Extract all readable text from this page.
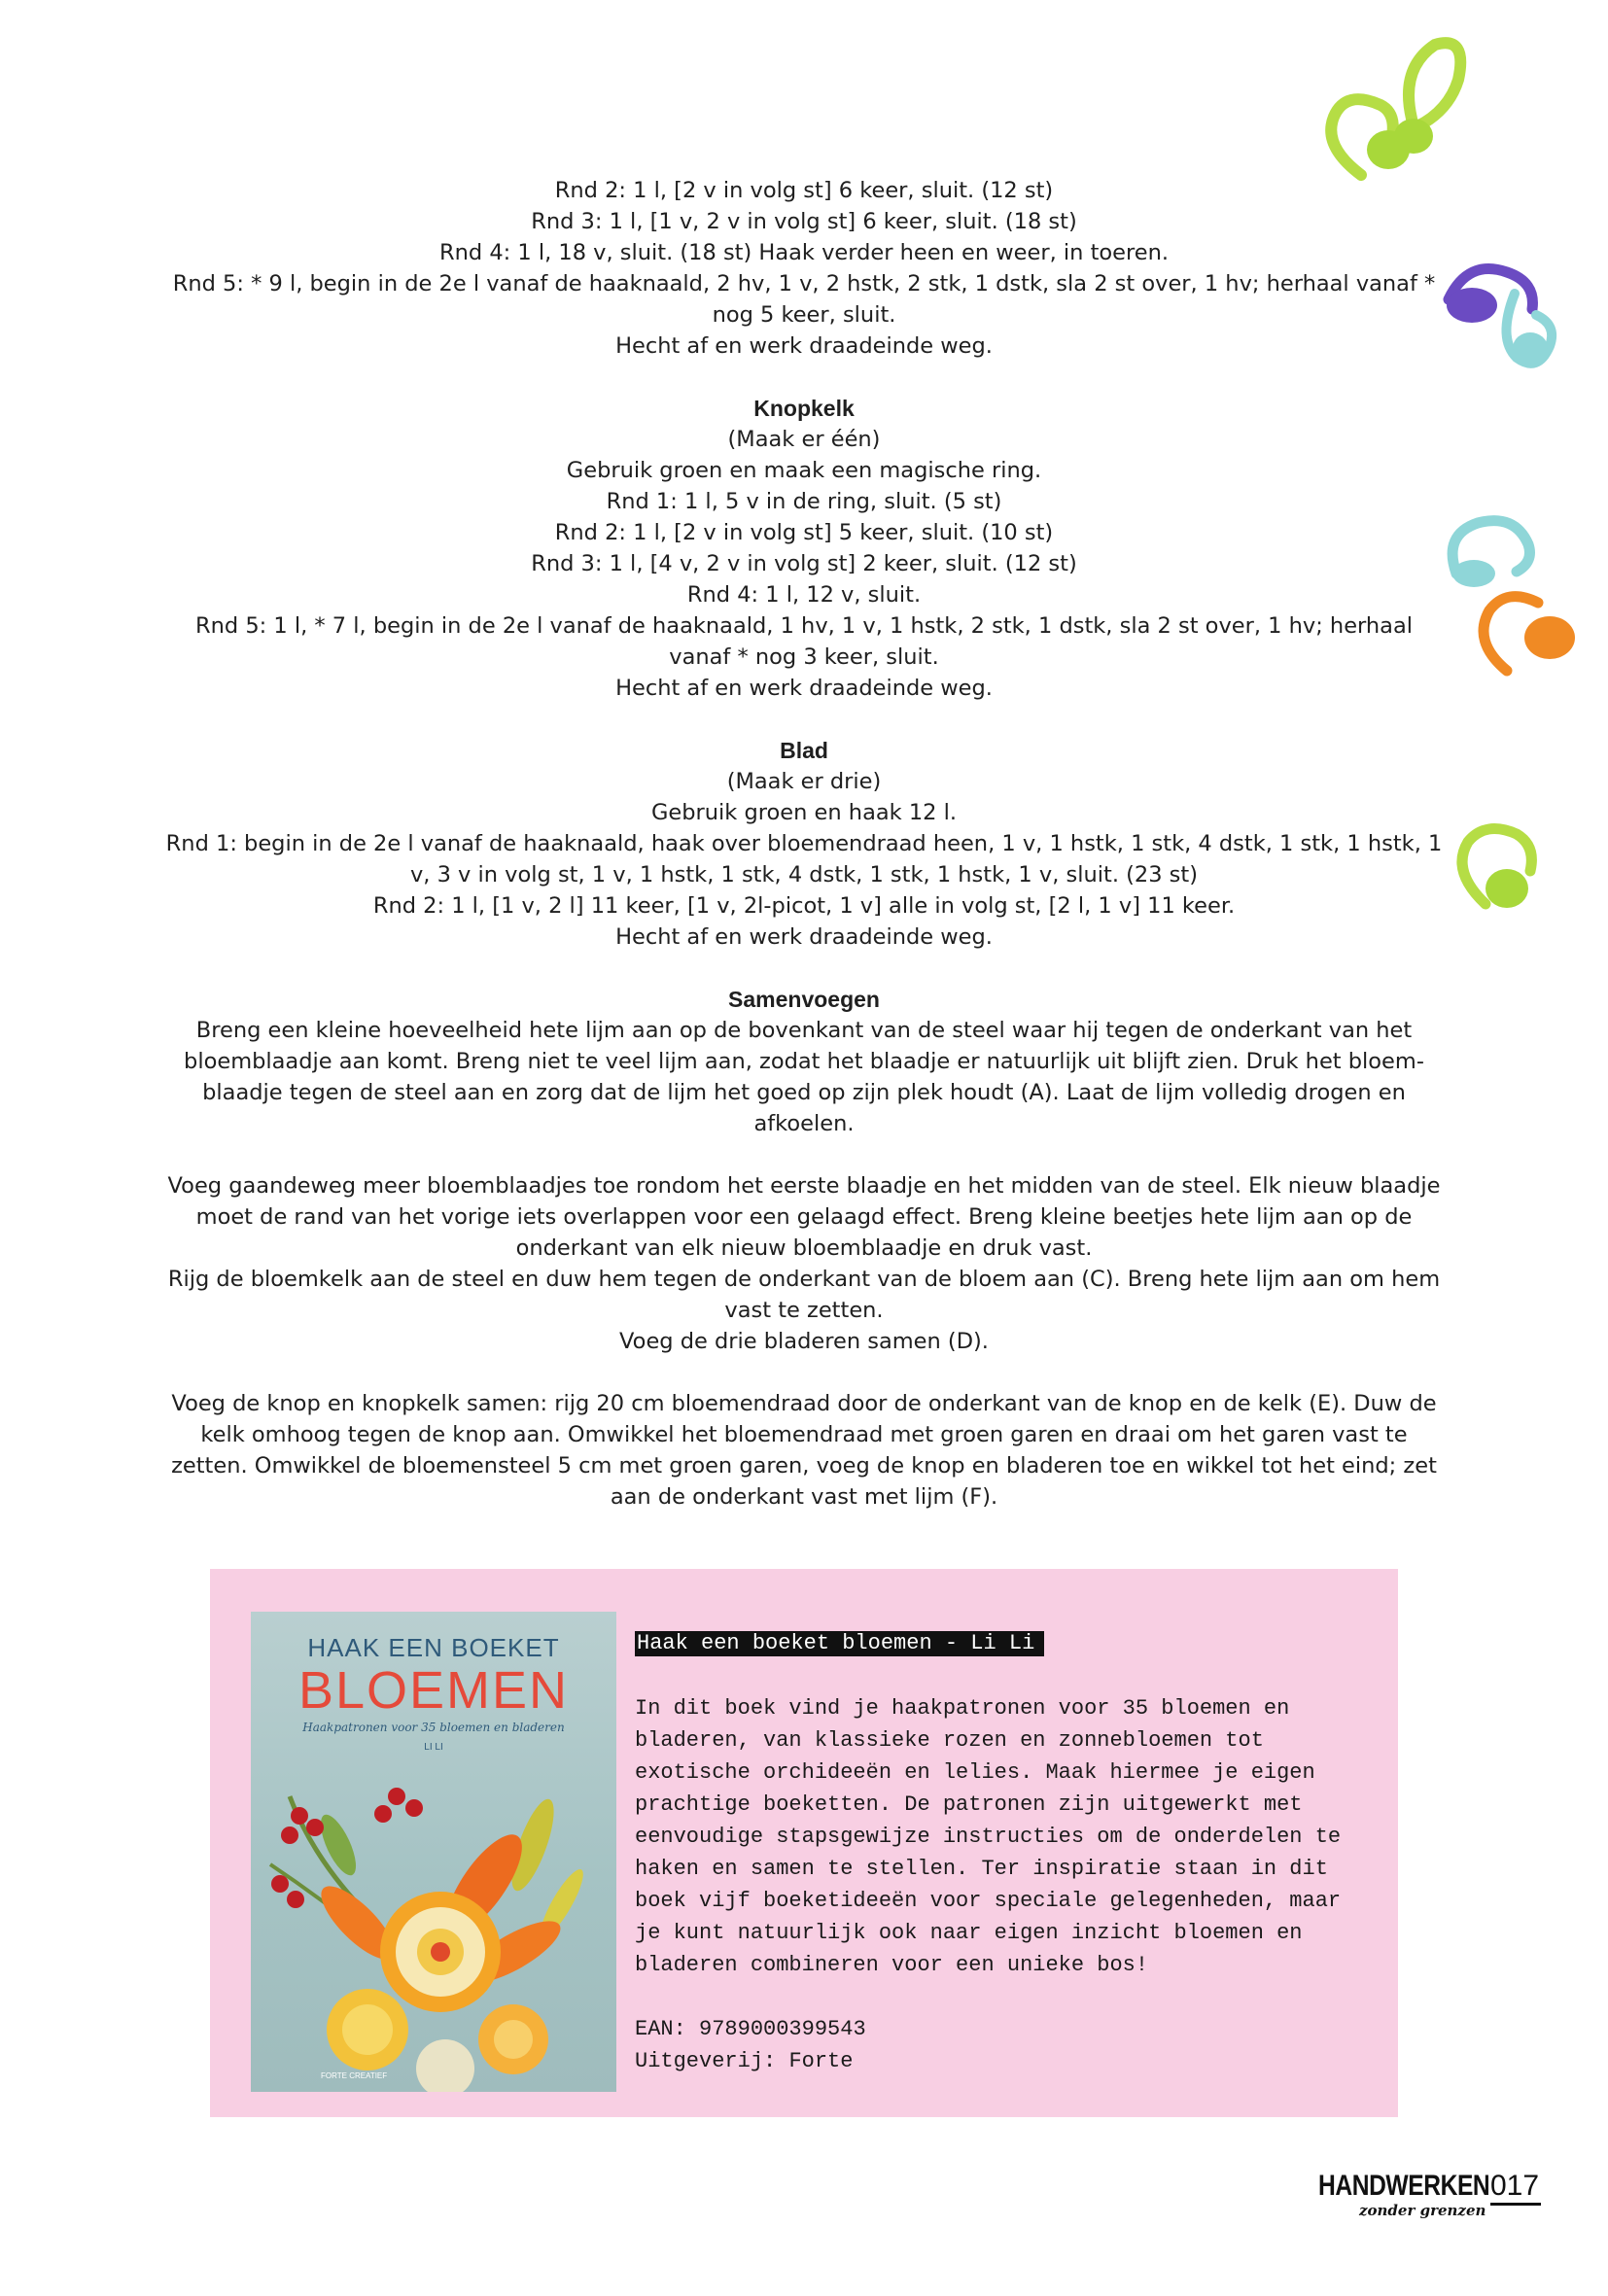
Rnd 2: 1 l, [2 v in volg st] 6 keer, sluit. (12 st)
Rnd 3: 1 l, [1 v, 2 v in volg st] 6 keer, sluit. (18 st)
Rnd 4: 1 l, 18 v, sluit. (18 st) Haak verder heen en weer, in toeren.
Rnd 5: * 9 l, begin in de 2e l vanaf de haaknaald, 2 hv, 1 v, 2 hstk, 2 stk, 1 dstk, sla 2 st over, 1 hv; herhaal vanaf * nog 5 keer, sluit.
Hecht af en werk draadeinde weg.
Knopkelk
(Maak er één)
Gebruik groen en maak een magische ring.
Rnd 1: 1 l, 5 v in de ring, sluit. (5 st)
Rnd 2: 1 l, [2 v in volg st] 5 keer, sluit. (10 st)
Rnd 3: 1 l, [4 v, 2 v in volg st] 2 keer, sluit. (12 st)
Rnd 4: 1 l, 12 v, sluit.
Rnd 5: 1 l, * 7 l, begin in de 2e l vanaf de haaknaald, 1 hv, 1 v, 1 hstk, 2 stk, 1 dstk, sla 2 st over, 1 hv; herhaal vanaf * nog 3 keer, sluit.
Hecht af en werk draadeinde weg.
Blad
(Maak er drie)
Gebruik groen en haak 12 l.
Rnd 1: begin in de 2e l vanaf de haaknaald, haak over bloemendraad heen, 1 v, 1 hstk, 1 stk, 4 dstk, 1 stk, 1 hstk, 1 v, 3 v in volg st, 1 v, 1 hstk, 1 stk, 4 dstk, 1 stk, 1 hstk, 1 v, sluit. (23 st)
Rnd 2: 1 l, [1 v, 2 l] 11 keer, [1 v, 2l-picot, 1 v] alle in volg st, [2 l, 1 v] 11 keer.
Hecht af en werk draadeinde weg.
Samenvoegen
Breng een kleine hoeveelheid hete lijm aan op de bovenkant van de steel waar hij tegen de onderkant van het bloemblaadje aan komt. Breng niet te veel lijm aan, zodat het blaadje er natuurlijk uit blijft zien. Druk het bloemblaadje tegen de steel aan en zorg dat de lijm het goed op zijn plek houdt (A). Laat de lijm volledig drogen en afkoelen.
Voeg gaandeweg meer bloemblaadjes toe rondom het eerste blaadje en het midden van de steel. Elk nieuw blaadje moet de rand van het vorige iets overlappen voor een gelaagd effect. Breng kleine beetjes hete lijm aan op de onderkant van elk nieuw bloemblaadje en druk vast.
Rijg de bloemkelk aan de steel en duw hem tegen de onderkant van de bloem aan (C). Breng hete lijm aan om hem vast te zetten.
Voeg de drie bladeren samen (D).
Voeg de knop en knopkelk samen: rijg 20 cm bloemendraad door de onderkant van de knop en de kelk (E). Duw de kelk omhoog tegen de knop aan. Omwikkel het bloemendraad met groen garen en draai om het garen vast te zetten. Omwikkel de bloemensteel 5 cm met groen garen, voeg de knop en bladeren toe en wikkel tot het eind; zet aan de onderkant vast met lijm (F).
HAAK EEN BOEKET
BLOEMEN
Haakpatronen voor 35 bloemen en bladeren
LI LI
FORTE CREATIEF
Haak een boeket bloemen - Li Li
In dit boek vind je haakpatronen voor 35 bloemen en bladeren, van klassieke rozen en zonnebloemen tot exotische orchideeën en lelies. Maak hiermee je eigen prachtige boeketten. De patronen zijn uitgewerkt met eenvoudige stapsgewijze instructies om de onderdelen te haken en samen te stellen. Ter inspiratie staan in dit boek vijf boeketideeën voor speciale gelegenheden, maar je kunt natuurlijk ook naar eigen inzicht bloemen en bladeren combineren voor een unieke bos!
EAN: 9789000399543
Uitgeverij: Forte
HANDWERKEN
zonder grenzen
017
